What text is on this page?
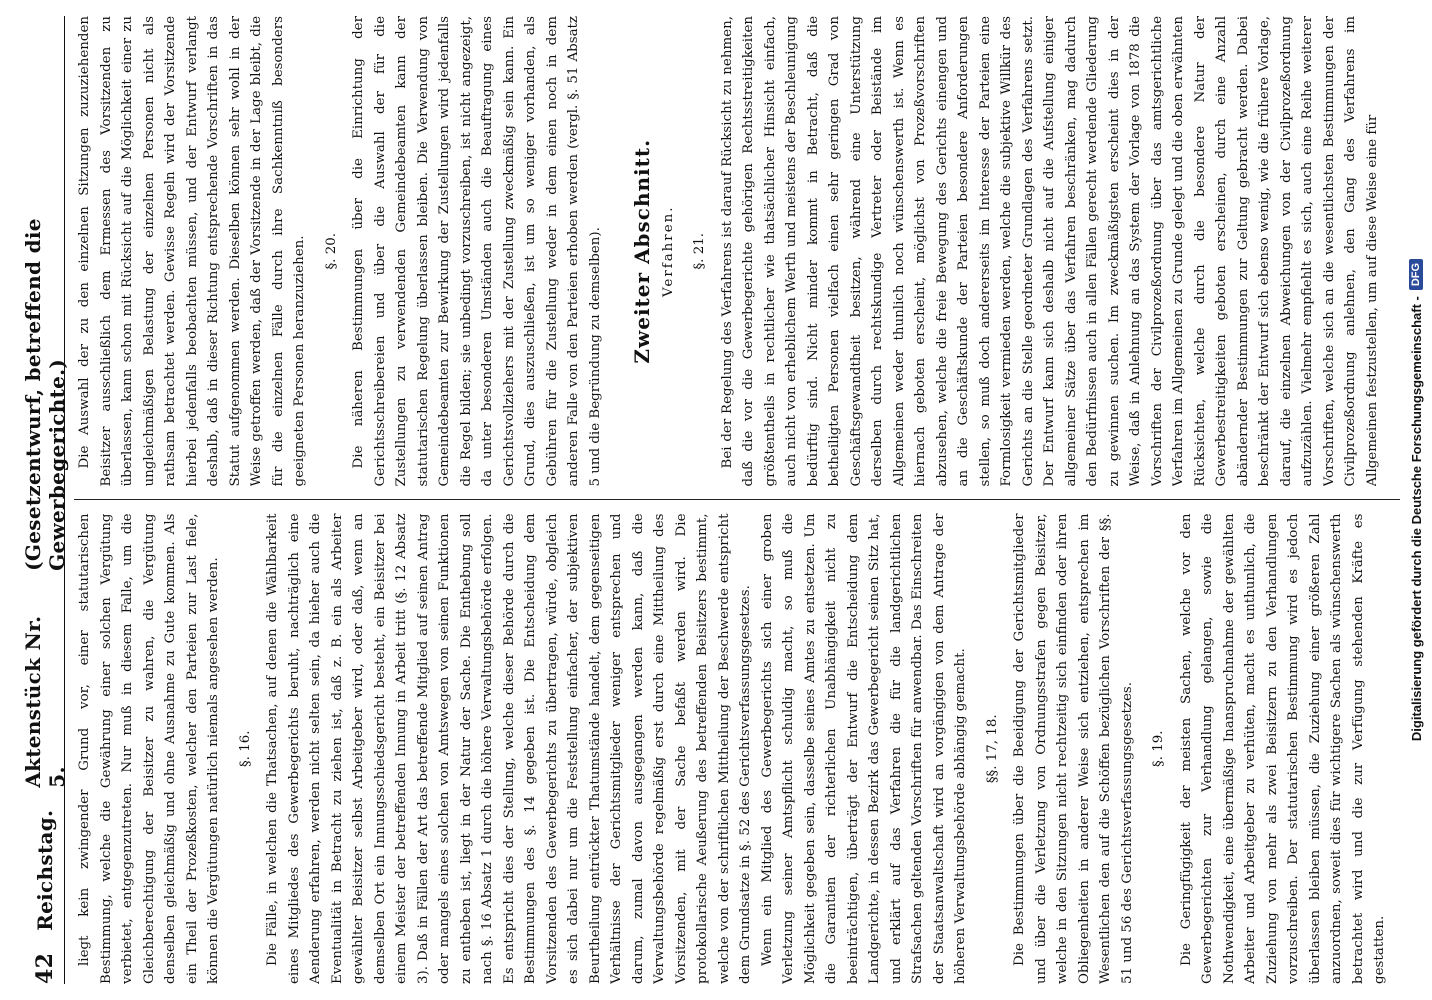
42
Reichstag.
Aktenstück Nr. 5.
(Gesetzentwurf, betreffend die Gewerbegerichte.)

liegt kein zwingender Grund vor, einer statutarischen Bestimmung, welche die Gewährung einer solchen Vergütung verbietet, entgegenzutreten. Nur muß in diesem Falle, um die Gleichberechtigung der Beisitzer zu wahren, die Vergütung denselben gleichmäßig und ohne Ausnahme zu Gute kommen. Als ein Theil der Prozeßkosten, welcher den Parteien zur Last fiele, können die Vergütungen natürlich niemals angesehen werden. §. 16. Die Fälle, in welchen die Thatsachen, auf denen die Wählbarkeit eines Mitgliedes des Gewerbegerichts beruht, nachträglich eine Aenderung erfahren, werden nicht selten sein, da hieher auch die Eventualität in Betracht zu ziehen ist, daß z. B. ein als Arbeiter gewählter Beisitzer selbst Arbeitgeber wird, oder daß, wenn an demselben Ort ein Innungsschiedsgericht besteht, ein Beisitzer bei einem Meister der betreffenden Innung in Arbeit tritt (§. 12 Absatz 3). Daß in Fällen der Art das betreffende Mitglied auf seinen Antrag oder mangels eines solchen von Amtswegen von seinen Funktionen zu entheben ist, liegt in der Natur der Sache. Die Enthebung soll nach §. 16 Absatz 1 durch die höhere Verwaltungsbehörde erfolgen. Es entspricht dies der Stellung, welche dieser Behörde durch die Bestimmungen des §. 14 gegeben ist. Die Entscheidung dem Vorsitzenden des Gewerbegerichts zu übertragen, würde, obgleich es sich dabei nur um die Feststellung einfacher, der subjektiven Beurtheilung entrückter Thatumstände handelt, dem gegenseitigen Verhältnisse der Gerichtsmitglieder weniger entsprechen und darum, zumal davon ausgegangen werden kann, daß die Verwaltungsbehörde regelmäßig erst durch eine Mittheilung des Vorsitzenden, mit der Sache befaßt werden wird. Die protokollarische Aeußerung des betreffenden Beisitzers bestimmt, welche von der schriftlichen Mittheilung der Beschwerde entspricht dem Grundsatze in §. 52 des Gerichtsverfassungsgesetzes. Wenn ein Mitglied des Gewerbegerichts sich einer groben Verletzung seiner Amtspflicht schuldig macht, so muß die Möglichkeit gegeben sein, dasselbe seines Amtes zu entsetzen. Um die Garantien der richterlichen Unabhängigkeit nicht zu beeinträchtigen, überträgt der Entwurf die Entscheidung dem Landgerichte, in dessen Bezirk das Gewerbegericht seinen Sitz hat, und erklärt auf das Verfahren die für die landgerichtlichen Strafsachen geltenden Vorschriften für anwendbar. Das Einschreiten der Staatsanwaltschaft wird an vorgängigen von dem Antrage der höheren Verwaltungsbehörde abhängig gemacht. §§. 17, 18. Die Bestimmungen über die Beeidigung der Gerichtsmitglieder und über die Verletzung von Ordnungsstrafen gegen Beisitzer, welche in den Sitzungen nicht rechtzeitig sich einfinden oder ihren Obliegenheiten in anderer Weise sich entziehen, entsprechen im Wesentlichen den auf die Schöffen bezüglichen Vorschriften der §§. 51 und 56 des Gerichtsverfassungsgesetzes. §. 19. Die Geringfügigkeit der meisten Sachen, welche vor den Gewerbegerichten zur Verhandlung gelangen, sowie die Nothwendigkeit, eine übermäßige Inanspruchnahme der gewählten Arbeiter und Arbeitgeber zu verhüten, macht es unthunlich, die Zuziehung von mehr als zwei Beisitzern zu den Verhandlungen vorzuschreiben. Der statutarischen Bestimmung wird es jedoch überlassen bleiben müssen, die Zuziehung einer größeren Zahl anzuordnen, soweit dies für wichtigere Sachen als wünschenswerth betrachtet wird und die zur Verfügung stehenden Kräfte es gestatten.

Die Auswahl der zu den einzelnen Sitzungen zuzuziehenden Beisitzer ausschließlich dem Ermessen des Vorsitzenden zu überlassen, kann schon mit Rücksicht auf die Möglichkeit einer zu ungleichmäßigen Belastung der einzelnen Personen nicht als rathsam betrachtet werden. Gewisse Regeln wird der Vorsitzende hierbei jedenfalls beobachten müssen, und der Entwurf verlangt deshalb, daß in dieser Richtung entsprechende Vorschriften in das Statut aufgenommen werden. Dieselben können sehr wohl in der Weise getroffen werden, daß der Vorsitzende in der Lage bleibt, die für die einzelnen Fälle durch ihre Sachkenntniß besonders geeigneten Personen heranzuziehen. §. 20. Die näheren Bestimmungen über die Einrichtung der Gerichtsschreibereien und über die Auswahl der für die Zustellungen zu verwendenden Gemeindebeamten kann der statutarischen Regelung überlassen bleiben. Die Verwendung von Gemeindebeamten zur Bewirkung der Zustellungen wird jedenfalls die Regel bilden; sie unbedingt vorzuschreiben, ist nicht angezeigt, da unter besonderen Umständen auch die Beauftragung eines Gerichtsvollziehers mit der Zustellung zweckmäßig sein kann. Ein Grund, dies auszuschließen, ist um so weniger vorhanden, als Gebühren für die Zustellung weder in dem einen noch in dem anderen Falle von den Parteien erhoben werden (vergl. §. 51 Absatz 5 und die Begründung zu demselben). Zweiter Abschnitt. Verfahren. §. 21. Bei der Regelung des Verfahrens ist darauf Rücksicht zu nehmen, daß die vor die Gewerbegerichte gehörigen Rechtsstreitigkeiten größtentheils in rechtlicher wie thatsächlicher Hinsicht einfach, auch nicht von erheblichem Werth und meistens der Beschleunigung bedürftig sind. Nicht minder kommt in Betracht, daß die betheiligten Personen vielfach einen sehr geringen Grad von Geschäftsgewandtheit besitzen, während eine Unterstützung derselben durch rechtskundige Vertreter oder Beistände im Allgemeinen weder thunlich noch wünschenswerth ist. Wenn es hiernach geboten erscheint, möglichst von Prozeßvorschriften abzusehen, welche die freie Bewegung des Gerichts einengen und an die Geschäftskunde der Parteien besondere Anforderungen stellen, so muß doch andererseits im Interesse der Parteien eine Formlosigkeit vermieden werden, welche die subjektive Willkür des Gerichts an die Stelle geordneter Grundlagen des Verfahrens setzt. Der Entwurf kann sich deshalb nicht auf die Aufstellung einiger allgemeiner Sätze über das Verfahren beschränken, mag dadurch den Bedürfnissen auch in allen Fällen gerecht werdende Gliederung zu gewinnen suchen. Im zweckmäßigsten erscheint dies in der Weise, daß in Anlehnung an das System der Vorlage von 1878 die Vorschriften der Civilprozeßordnung über das amtsgerichtliche Verfahren im Allgemeinen zu Grunde gelegt und die oben erwähnten Rücksichten, welche durch die besondere Natur der Gewerbestreitigkeiten geboten erscheinen, durch eine Anzahl abändernder Bestimmungen zur Geltung gebracht werden. Dabei beschränkt der Entwurf sich ebenso wenig, wie die frühere Vorlage, darauf, die einzelnen Abweichungen von der Civilprozeßordnung aufzuzählen. Vielmehr empfiehlt es sich, auch eine Reihe weiterer Vorschriften, welche sich an die wesentlichsten Bestimmungen der Civilprozeßordnung anlehnen, den Gang des Verfahrens im Allgemeinen festzustellen, um auf diese Weise eine für Digitalisierung gefördert durch die Deutsche Forschungsgemeinschaft -
DFG
